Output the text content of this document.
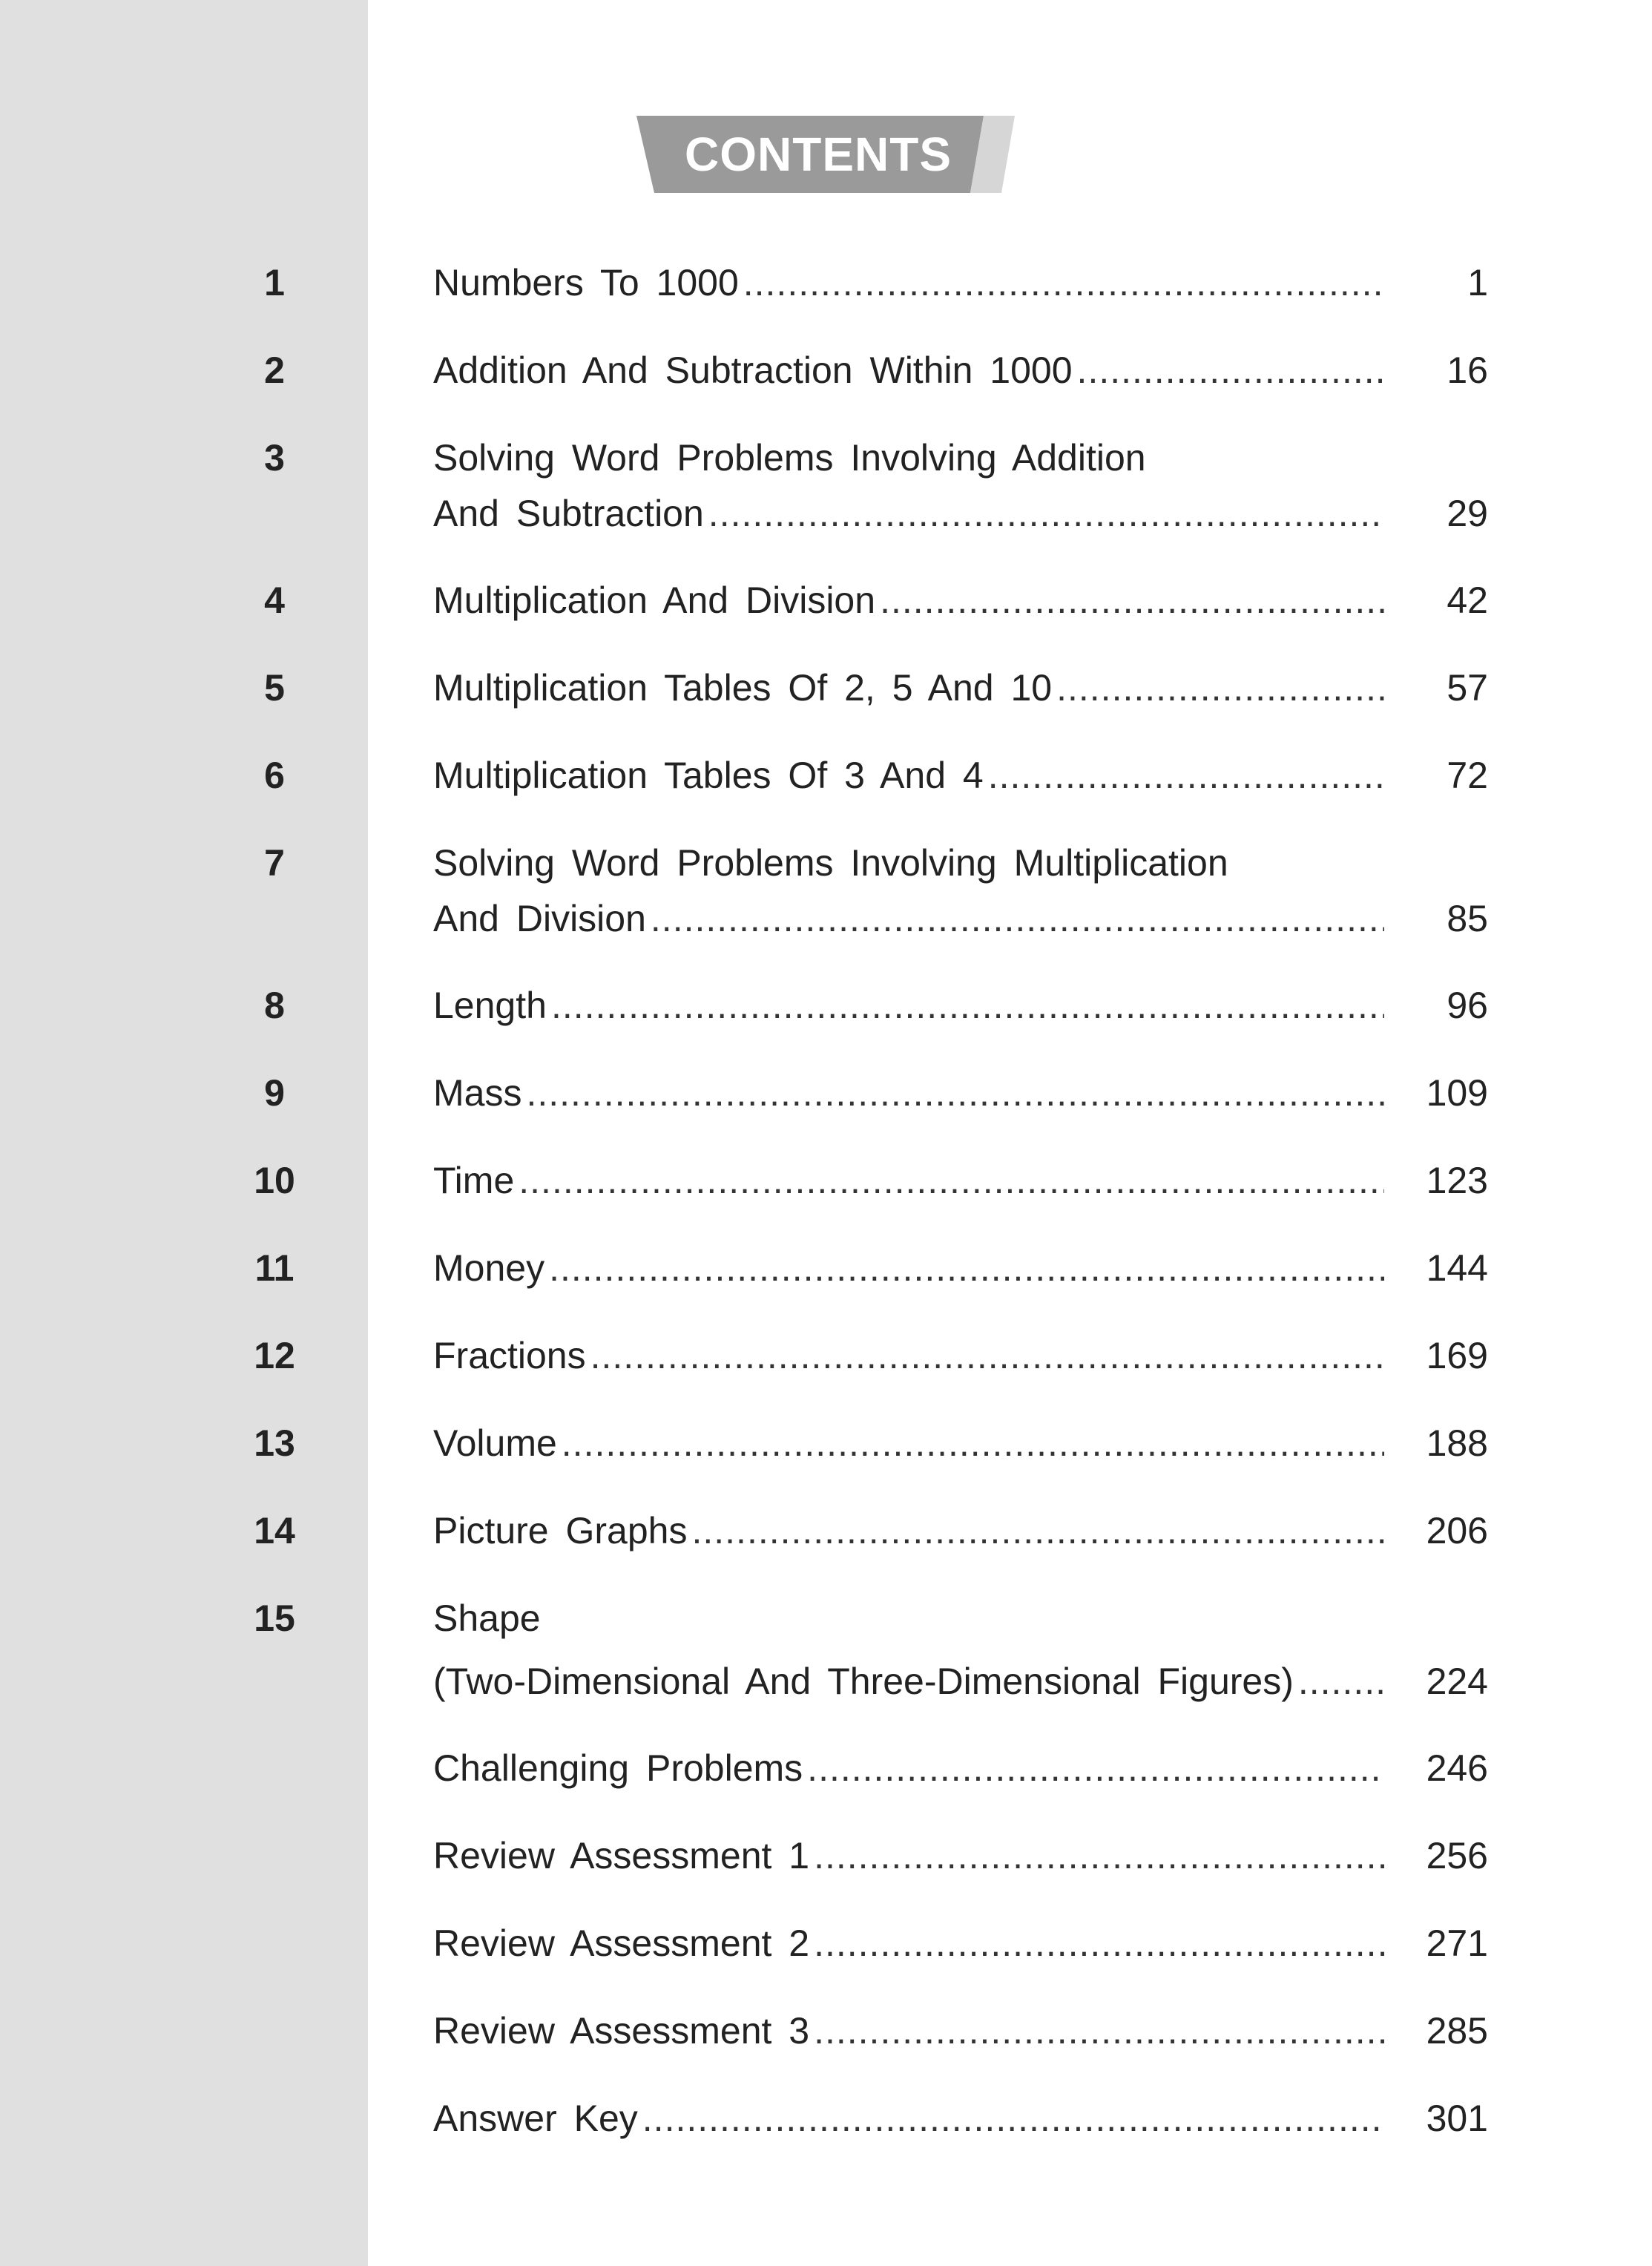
CONTENTS
1	Numbers To 1000 .....	1
2	Addition And Subtraction Within 1000 .....	16
3	Solving Word Problems Involving Addition
And Subtraction .....	29
4	Multiplication And Division .....	42
5	Multiplication Tables Of 2, 5 And 10 .....	57
6	Multiplication Tables Of 3 And 4 .....	72
7	Solving Word Problems Involving Multiplication
And Division .....	85
8	Length .....	96
9	Mass .....	109
10	Time .....	123
11	Money .....	144
12	Fractions .....	169
13	Volume .....	188
14	Picture Graphs .....	206
15	Shape
(Two-Dimensional And Three-Dimensional Figures) .....	224
Challenging Problems .....	246
Review Assessment 1 .....	256
Review Assessment 2 .....	271
Review Assessment 3 .....	285
Answer Key .....	301
